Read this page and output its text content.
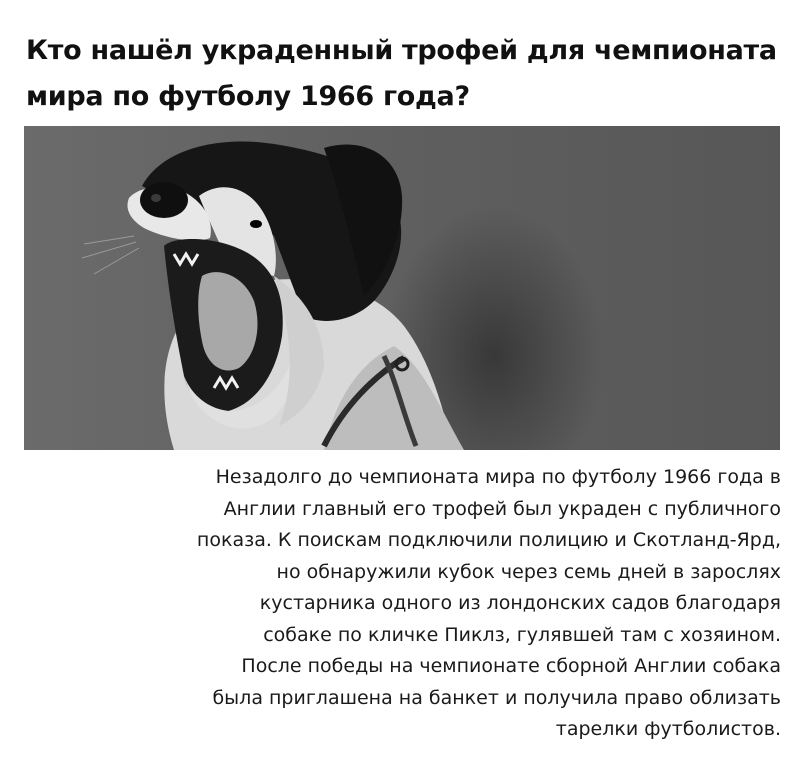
Кто нашёл украденный трофей для чемпионата
мира по футболу 1966 года?
Незадолго до чемпионата мира по футболу 1966 года в
Англии главный его трофей был украден с публичного
показа. К поискам подключили полицию и Скотланд-Ярд,
но обнаружили кубок через семь дней в зарослях
кустарника одного из лондонских садов благодаря
собаке по кличке Пиклз, гулявшей там с хозяином.
После победы на чемпионате сборной Англии собака
была приглашена на банкет и получила право облизать
тарелки футболистов.
